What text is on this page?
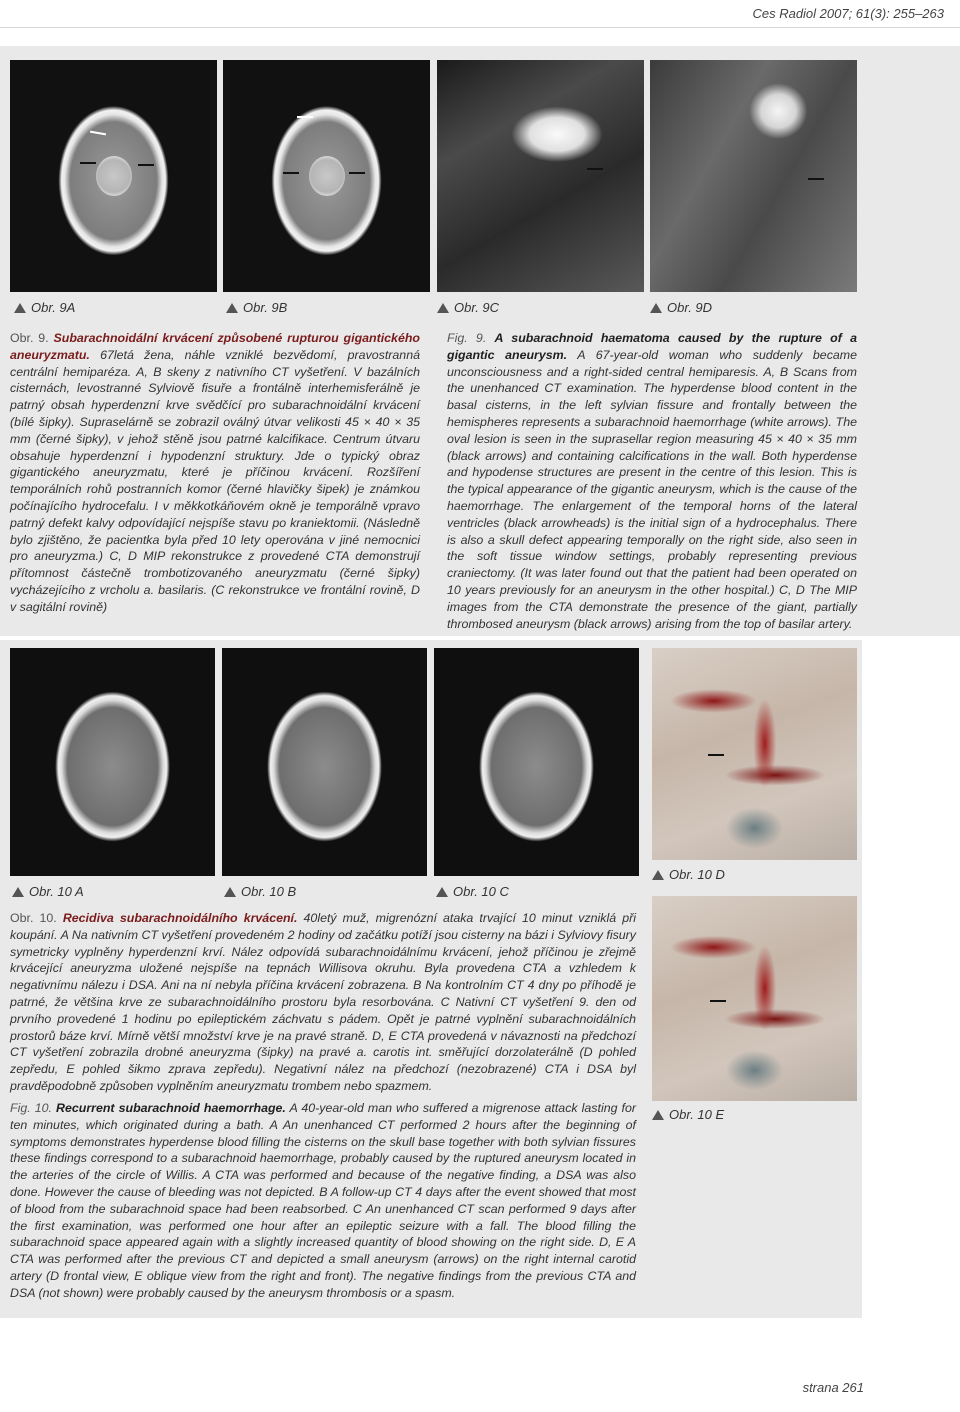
Ces Radiol 2007; 61(3): 255–263
Obr. 9A	Obr. 9B	Obr. 9C	Obr. 9D

Obr. 9. Subarachnoidální krvácení způsobené rupturou gigantického aneuryzmatu. 67letá žena, náhle vzniklé bezvědomí, pravostranná centrální hemiparéza. A, B skeny z nativního CT vyšetření. V bazálních cisternách, levostranné Sylviově fisuře a frontálně interhemisferálně je patrný obsah hyperdenzní krve svědčící pro subarachnoidální krvácení (bílé šipky). Supraselárně se zobrazil oválný útvar velikosti 45 × 40 × 35 mm (černé šipky), v jehož stěně jsou patrné kalcifikace. Centrum útvaru obsahuje hyperdenzní i hypodenzní struktury. Jde o typický obraz gigantického aneuryzmatu, které je příčinou krvácení. Rozšíření temporálních rohů postranních komor (černé hlavičky šipek) je známkou počínajícího hydrocefalu. I v měkkotkáňovém okně je temporálně vpravo patrný defekt kalvy odpovídající nejspíše stavu po kraniektomii. (Následně bylo zjištěno, že pacientka byla před 10 lety operována v jiné nemocnici pro aneuryzma.) C, D MIP rekonstrukce z provedené CTA demonstrují přítomnost částečně trombotizovaného aneuryzmatu (černé šipky) vycházejícího z vrcholu a. basilaris. (C rekonstrukce ve frontální rovině, D v sagitální rovině)

Fig. 9. A subarachnoid haematoma caused by the rupture of a gigantic aneurysm. A 67-year-old woman who suddenly became unconsciousness and a right-sided central hemiparesis. A, B Scans from the unenhanced CT examination. The hyperdense blood content in the basal cisterns, in the left sylvian fissure and frontally between the hemispheres represents a subarachnoid haemorrhage (white arrows). The oval lesion is seen in the suprasellar region measuring 45 × 40 × 35 mm (black arrows) and containing calcifications in the wall. Both hyperdense and hypodense structures are present in the centre of this lesion. This is the typical appearance of the gigantic aneurysm, which is the cause of the haemorrhage. The enlargement of the temporal horns of the lateral ventricles (black arrowheads) is the initial sign of a hydrocephalus. There is also a skull defect appearing temporally on the right side, also seen in the soft tissue window settings, probably representing previous craniectomy. (It was later found out that the patient had been operated on 10 years previously for an aneurysm in the other hospital.) C, D The MIP images from the CTA demonstrate the presence of the giant, partially thrombosed aneurysm (black arrows) arising from the top of basilar artery.

Obr. 10 A	Obr. 10 B	Obr. 10 C
Obr. 10 D
Obr. 10 E

Obr. 10. Recidiva subarachnoidálního krvácení. 40letý muž, migrenózní ataka trvající 10 minut vzniklá při koupání. A Na nativním CT vyšetření provedeném 2 hodiny od začátku potíží jsou cisterny na bázi i Sylviovy fisury symetricky vyplněny hyperdenzní krví. Nález odpovídá subarachnoidálnímu krvácení, jehož příčinou je zřejmě krvácející aneuryzma uložené nejspíše na tepnách Willisova okruhu. Byla provedena CTA a vzhledem k negativnímu nálezu i DSA. Ani na ní nebyla příčina krvácení zobrazena. B Na kontrolním CT 4 dny po příhodě je patrné, že většina krve ze subarachnoidálního prostoru byla resorbována. C Nativní CT vyšetření 9. den od prvního provedené 1 hodinu po epileptickém záchvatu s pádem. Opět je patrné vyplnění subarachnoidálních prostorů báze krví. Mírně větší množství krve je na pravé straně. D, E CTA provedená v návaznosti na předchozí CT vyšetření zobrazila drobné aneuryzma (šipky) na pravé a. carotis int. směřující dorzolaterálně (D pohled zepředu, E pohled šikmo zprava zepředu). Negativní nález na předchozí (nezobrazené) CTA i DSA byl pravděpodobně způsoben vyplněním aneuryzmatu trombem nebo spazmem.

Fig. 10. Recurrent subarachnoid haemorrhage. A 40-year-old man who suffered a migrenose attack lasting for ten minutes, which originated during a bath. A An unenhanced CT performed 2 hours after the beginning of symptoms demonstrates hyperdense blood filling the cisterns on the skull base together with both sylvian fissures these findings correspond to a subarachnoid haemorrhage, probably caused by the ruptured aneurysm located in the arteries of the circle of Willis. A CTA was performed and because of the negative finding, a DSA was also done. However the cause of bleeding was not depicted. B A follow-up CT 4 days after the event showed that most of blood from the subarachnoid space had been reabsorbed. C An unenhanced CT scan performed 9 days after the first examination, was performed one hour after an epileptic seizure with a fall. The blood filling the subarachnoid space appeared again with a slightly increased quantity of blood showing on the right side. D, E A CTA was performed after the previous CT and depicted a small aneurysm (arrows) on the right internal carotid artery (D frontal view, E oblique view from the right and front). The negative findings from the previous CTA and DSA (not shown) were probably caused by the aneurysm thrombosis or a spasm.

strana 261
